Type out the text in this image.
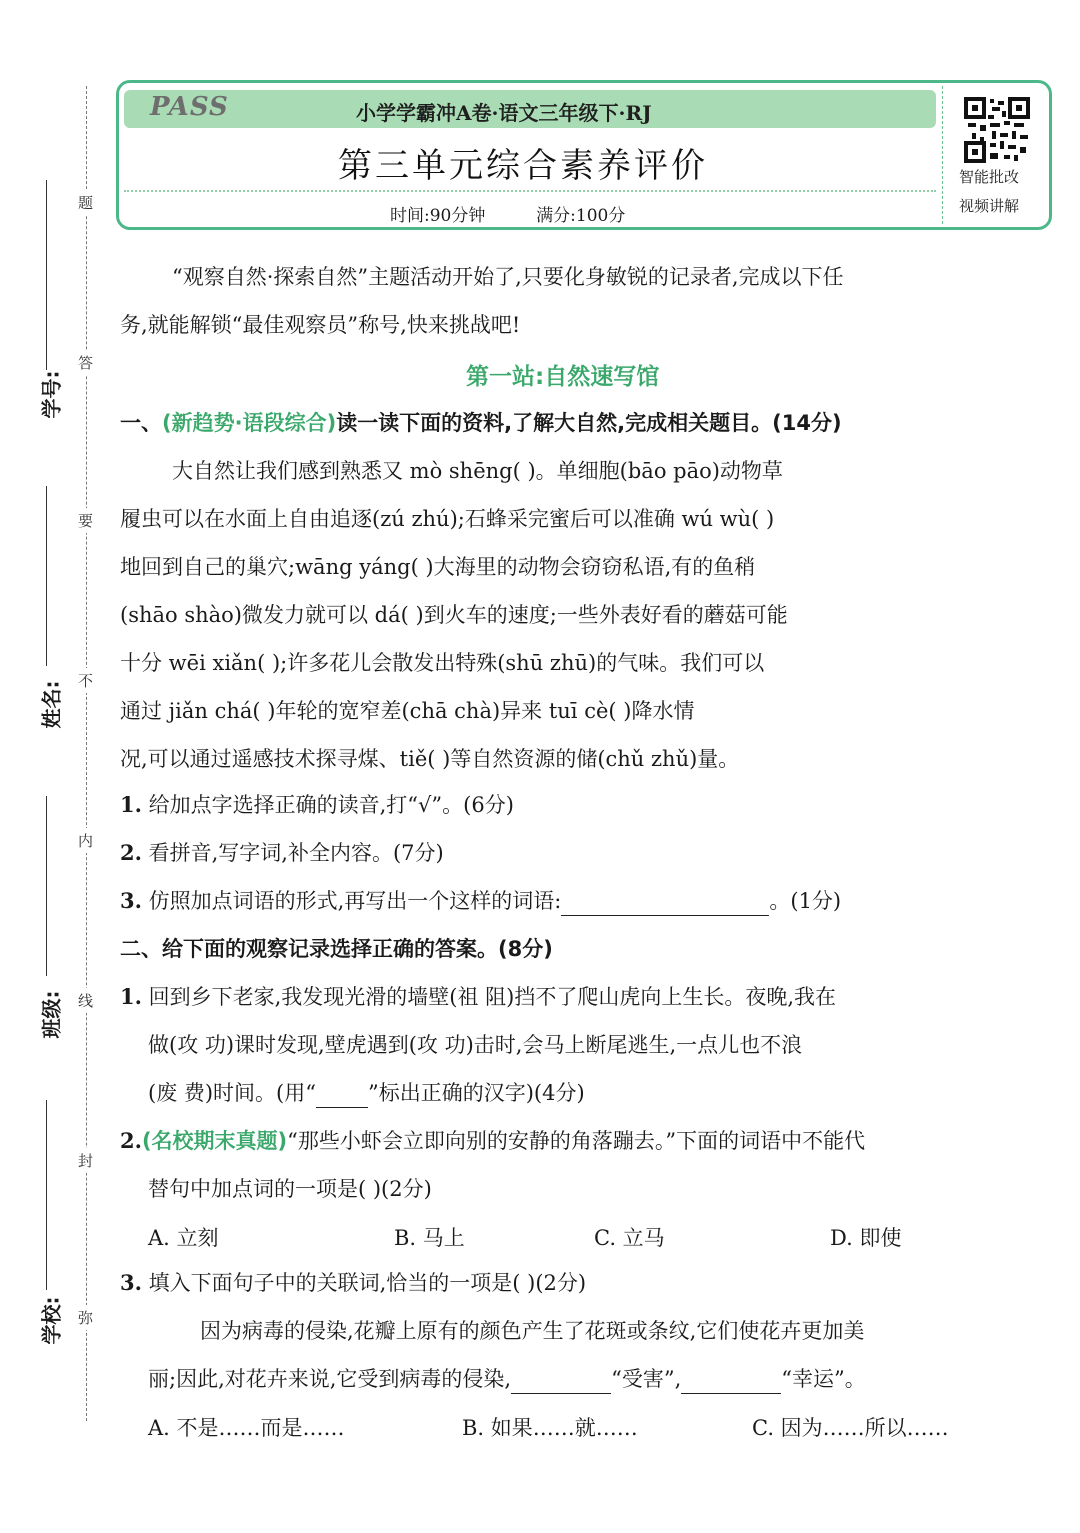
PASS	小学学霸冲A卷·语文三年级下·RJ
第三单元综合素养评价
时间:90分钟	满分:100分
智能批改
视频讲解
题
答
要
不
内
线
封
弥
学号:
姓名:
班级:
学校:
“观察自然·探索自然”主题活动开始了,只要化身敏锐的记录者,完成以下任
务,就能解锁“最佳观察员”称号,快来挑战吧!
第一站:自然速写馆
一、(新趋势·语段综合)读一读下面的资料,了解大自然,完成相关题目。(14分)
大自然让我们感到熟悉又 mò shēng( )。单细胞(bāo pāo)动物草
履虫可以在水面上自由追逐(zú zhú);石蜂采完蜜后可以准确 wú wù( )
地回到自己的巢穴;wāng yáng( )大海里的动物会窃窃私语,有的鱼稍
(shāo shào)微发力就可以 dá( )到火车的速度;一些外表好看的蘑菇可能
十分 wēi xiǎn( );许多花儿会散发出特殊(shū zhū)的气味。我们可以
通过 jiǎn chá( )年轮的宽窄差(chā chà)异来 tuī cè( )降水情
况,可以通过遥感技术探寻煤、tiě( )等自然资源的储(chǔ zhǔ)量。
1. 给加点字选择正确的读音,打“√”。(6分)
2. 看拼音,写字词,补全内容。(7分)
3. 仿照加点词语的形式,再写出一个这样的词语:	。(1分)
二、给下面的观察记录选择正确的答案。(8分)
1. 回到乡下老家,我发现光滑的墙壁(祖 阻)挡不了爬山虎向上生长。夜晚,我在
做(攻 功)课时发现,壁虎遇到(攻 功)击时,会马上断尾逃生,一点儿也不浪
(废 费)时间。(用“ ”标出正确的汉字)(4分)
2.(名校期末真题)“那些小虾会立即向别的安静的角落蹦去。”下面的词语中不能代
替句中加点词的一项是( )(2分)
A. 立刻	B. 马上	C. 立马	D. 即使
3. 填入下面句子中的关联词,恰当的一项是( )(2分)
因为病毒的侵染,花瓣上原有的颜色产生了花斑或条纹,它们使花卉更加美
丽;因此,对花卉来说,它受到病毒的侵染,	“受害”,	“幸运”。
A. 不是……而是……	B. 如果……就……	C. 因为……所以……
